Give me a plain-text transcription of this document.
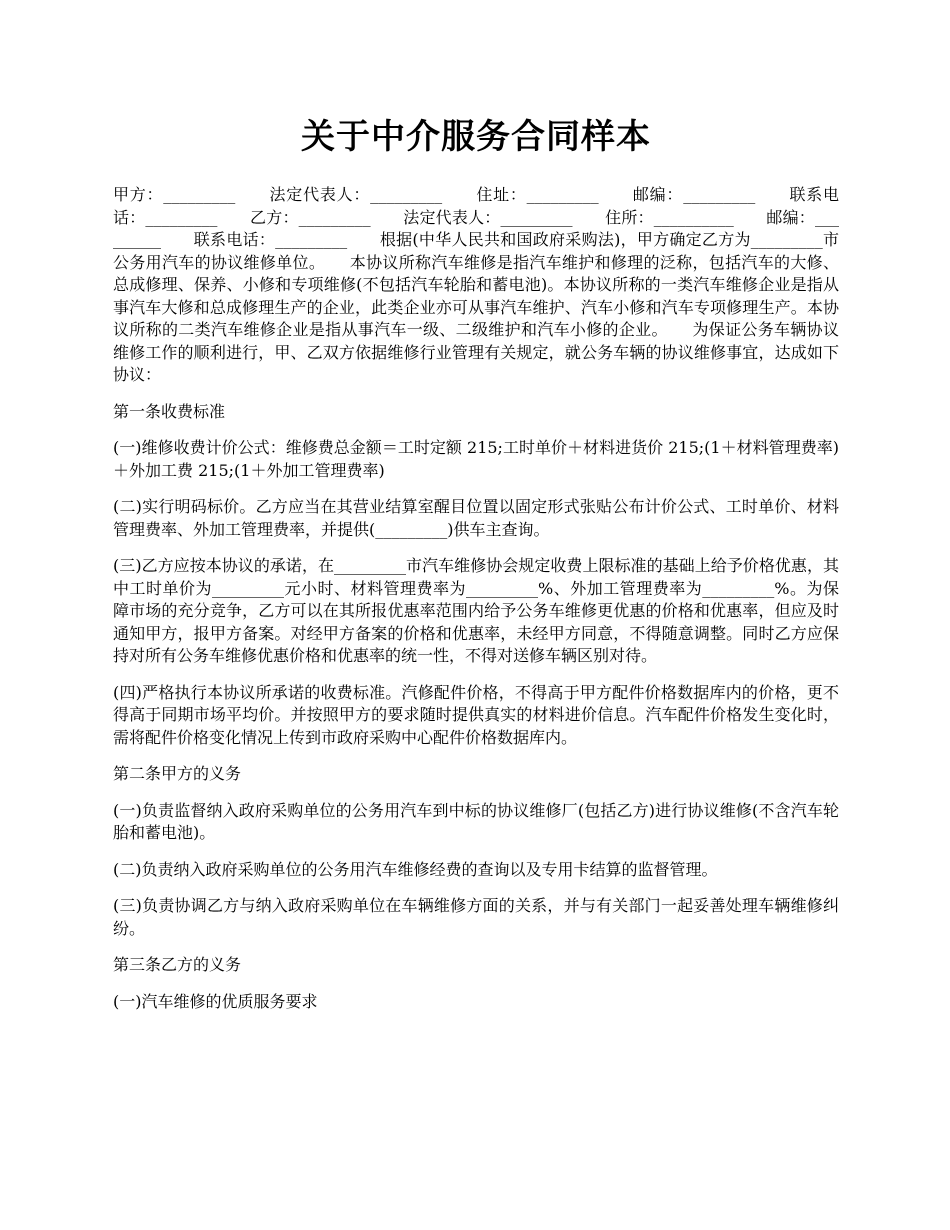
关于中介服务合同样本

甲方：_________　　法定代表人：_________　　住址：_________　　邮编：_________　　联系电话：_________　　乙方：_________　　法定代表人：_________　　住所：__________　　邮编：_________　　联系电话：_________　　根据(中华人民共和国政府采购法)，甲方确定乙方为_________市公务用汽车的协议维修单位。　　本协议所称汽车维修是指汽车维护和修理的泛称，包括汽车的大修、总成修理、保养、小修和专项维修(不包括汽车轮胎和蓄电池)。本协议所称的一类汽车维修企业是指从事汽车大修和总成修理生产的企业，此类企业亦可从事汽车维护、汽车小修和汽车专项修理生产。本协议所称的二类汽车维修企业是指从事汽车一级、二级维护和汽车小修的企业。　　为保证公务车辆协议维修工作的顺利进行，甲、乙双方依据维修行业管理有关规定，就公务车辆的协议维修事宜，达成如下协议：

第一条收费标准

(一)维修收费计价公式：维修费总金额＝工时定额 215;工时单价＋材料进货价 215;(1＋材料管理费率)＋外加工费 215;(1＋外加工管理费率)

(二)实行明码标价。乙方应当在其营业结算室醒目位置以固定形式张贴公布计价公式、工时单价、材料管理费率、外加工管理费率，并提供(_________)供车主查询。

(三)乙方应按本协议的承诺，在_________市汽车维修协会规定收费上限标准的基础上给予价格优惠，其中工时单价为_________元小时、材料管理费率为_________%、外加工管理费率为_________%。为保障市场的充分竞争，乙方可以在其所报优惠率范围内给予公务车维修更优惠的价格和优惠率，但应及时通知甲方，报甲方备案。对经甲方备案的价格和优惠率，未经甲方同意，不得随意调整。同时乙方应保持对所有公务车维修优惠价格和优惠率的统一性，不得对送修车辆区别对待。

(四)严格执行本协议所承诺的收费标准。汽修配件价格，不得高于甲方配件价格数据库内的价格，更不得高于同期市场平均价。并按照甲方的要求随时提供真实的材料进价信息。汽车配件价格发生变化时，需将配件价格变化情况上传到市政府采购中心配件价格数据库内。

第二条甲方的义务

(一)负责监督纳入政府采购单位的公务用汽车到中标的协议维修厂(包括乙方)进行协议维修(不含汽车轮胎和蓄电池)。

(二)负责纳入政府采购单位的公务用汽车维修经费的查询以及专用卡结算的监督管理。

(三)负责协调乙方与纳入政府采购单位在车辆维修方面的关系，并与有关部门一起妥善处理车辆维修纠纷。

第三条乙方的义务

(一)汽车维修的优质服务要求
